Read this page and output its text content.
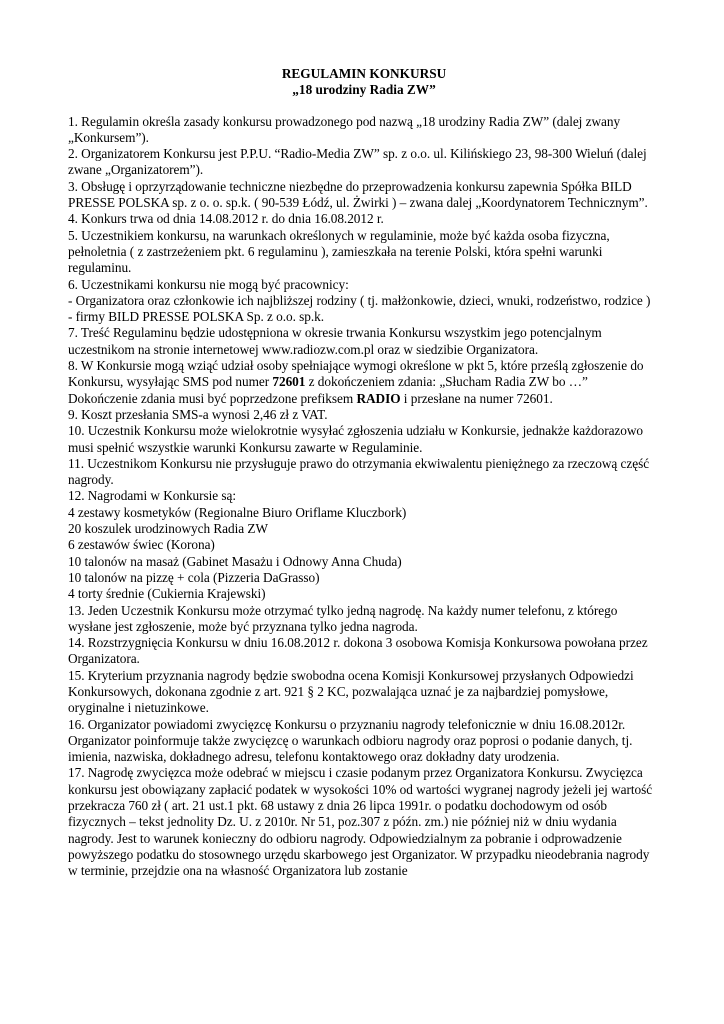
REGULAMIN KONKURSU
„18 urodziny Radia ZW”

1. Regulamin określa zasady konkursu prowadzonego pod nazwą „18 urodziny Radia ZW” (dalej zwany „Konkursem”).

2. Organizatorem Konkursu jest P.P.U. “Radio-Media ZW” sp. z o.o. ul. Kilińskiego 23, 98-300 Wieluń (dalej zwane „Organizatorem”).

3. Obsługę i oprzyrządowanie techniczne niezbędne do przeprowadzenia konkursu zapewnia Spółka BILD PRESSE POLSKA sp. z o. o. sp.k. ( 90-539 Łódź, ul. Żwirki ) – zwana dalej „Koordynatorem Technicznym”.

4. Konkurs trwa od dnia 14.08.2012 r. do dnia 16.08.2012 r.

5. Uczestnikiem konkursu, na warunkach określonych w regulaminie, może być każda osoba fizyczna, pełnoletnia ( z zastrzeżeniem pkt. 6 regulaminu ), zamieszkała na terenie Polski, która spełni warunki regulaminu.

6. Uczestnikami konkursu nie mogą być pracownicy:

- Organizatora oraz członkowie ich najbliższej rodziny ( tj. małżonkowie, dzieci, wnuki, rodzeństwo, rodzice )

- firmy BILD PRESSE POLSKA Sp. z o.o. sp.k.

7. Treść Regulaminu będzie udostępniona w okresie trwania Konkursu wszystkim jego potencjalnym uczestnikom na stronie internetowej www.radiozw.com.pl oraz w siedzibie Organizatora.

8. W Konkursie mogą wziąć udział osoby spełniające wymogi określone w pkt 5, które prześlą zgłoszenie do Konkursu, wysyłając SMS pod numer 72601 z dokończeniem zdania: „Słucham Radia ZW bo …” Dokończenie zdania musi być poprzedzone prefiksem RADIO i przesłane na numer 72601.

9. Koszt przesłania SMS-a wynosi 2,46 zł z VAT.

10. Uczestnik Konkursu może wielokrotnie wysyłać zgłoszenia udziału w Konkursie, jednakże każdorazowo musi spełnić wszystkie warunki Konkursu zawarte w Regulaminie.

11. Uczestnikom Konkursu nie przysługuje prawo do otrzymania ekwiwalentu pieniężnego za rzeczową część nagrody.

12. Nagrodami w Konkursie są:

4 zestawy kosmetyków (Regionalne Biuro Oriflame Kluczbork)

20 koszulek urodzinowych Radia ZW

6 zestawów świec (Korona)

10 talonów na masaż (Gabinet Masażu i Odnowy Anna Chuda)

10 talonów na pizzę + cola (Pizzeria DaGrasso)

4 torty średnie (Cukiernia Krajewski)

13. Jeden Uczestnik Konkursu może otrzymać tylko jedną nagrodę. Na każdy numer telefonu, z którego wysłane jest zgłoszenie, może być przyznana tylko jedna nagroda.

14. Rozstrzygnięcia Konkursu w dniu 16.08.2012 r. dokona 3 osobowa Komisja Konkursowa powołana przez Organizatora.

15. Kryterium przyznania nagrody będzie swobodna ocena Komisji Konkursowej przysłanych Odpowiedzi Konkursowych, dokonana zgodnie z art. 921 § 2 KC, pozwalająca uznać je za najbardziej pomysłowe, oryginalne i nietuzinkowe.

16. Organizator powiadomi zwycięzcę Konkursu o przyznaniu nagrody telefonicznie w dniu 16.08.2012r. Organizator poinformuje także zwycięzcę o warunkach odbioru nagrody oraz poprosi o podanie danych, tj. imienia, nazwiska, dokładnego adresu, telefonu kontaktowego oraz dokładny daty urodzenia.

17. Nagrodę zwycięzca może odebrać w miejscu i czasie podanym przez Organizatora Konkursu. Zwycięzca konkursu jest obowiązany zapłacić podatek w wysokości 10% od wartości wygranej nagrody jeżeli jej wartość przekracza 760 zł ( art. 21 ust.1 pkt. 68 ustawy z dnia 26 lipca 1991r. o podatku dochodowym od osób fizycznych – tekst jednolity Dz. U. z 2010r. Nr 51, poz.307 z późn. zm.) nie później niż w dniu wydania nagrody. Jest to warunek konieczny do odbioru nagrody. Odpowiedzialnym za pobranie i odprowadzenie powyższego podatku do stosownego urzędu skarbowego jest Organizator. W przypadku nieodebrania nagrody w terminie, przejdzie ona na własność Organizatora lub zostanie
